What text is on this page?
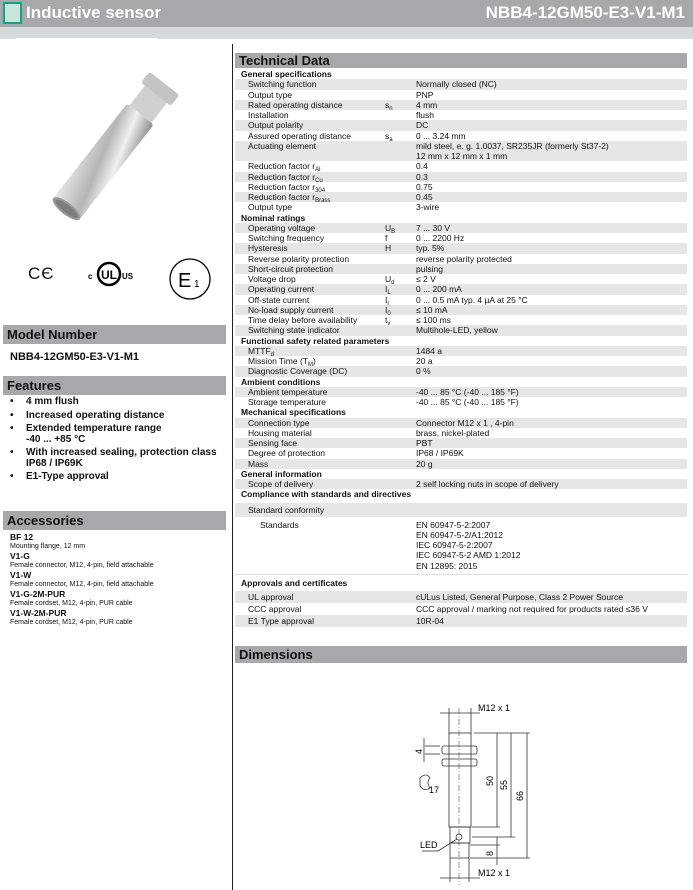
Inductive sensor	NBB4-12GM50-E3-V1-M1
CЄ	c UL US E 1
Model Number
NBB4-12GM50-E3-V1-M1
Features
• 4 mm flush
• Increased operating distance
• Extended temperature range
-40 ... +85 °C
• With increased sealing, protection class
IP68 / IP69K
• E1-Type approval
Accessories
BF 12
Mounting flange, 12 mm
V1-G
Female connector, M12, 4-pin, field attachable
V1-W
Female connector, M12, 4-pin, field attachable
V1-G-2M-PUR
Female cordset, M12, 4-pin, PUR cable
V1-W-2M-PUR
Female cordset, M12, 4-pin, PUR cable
Technical Data
General specifications
Switching function	Normally closed (NC)
Output type	PNP
Rated operating distance	$s_n$	4 mm
Installation	flush
Output polarity	DC
Assured operating distance	$s_a$	0 ... 3.24 mm
Actuating element	mild steel, e. g. 1.0037, SR235JR (formerly St37-2)
12 mm x 12 mm x 1 mm
Reduction factor $r_{Al}$	0.4
Reduction factor $r_{Cu}$	0.3
Reduction factor $r_{304}$	0.75
Reduction factor $r_{Brass}$	0.45
Output type	3-wire
Nominal ratings
Operating voltage	$U_B$	7 ... 30 V
Switching frequency	f	0 ... 2200 Hz
Hysteresis	H	typ. 5%
Reverse polarity protection	reverse polarity protected
Short-circuit protection	pulsing
Voltage drop	$U_d$	≤ 2 V
Operating current	$I_L$	0 ... 200 mA
Off-state current	$I_r$	0 ... 0.5 mA typ. 4 µA at 25 °C
No-load supply current	$I_0$	≤ 10 mA
Time delay before availability	$t_v$	≤ 100 ms
Switching state indicator	Multihole-LED, yellow
Functional safety related parameters
$MTTF_d$	1484 a
Mission Time $(T_M)$	20 a
Diagnostic Coverage (DC)	0 %
Ambient conditions
Ambient temperature	-40 ... 85 °C (-40 ... 185 °F)
Storage temperature	-40 ... 85 °C (-40 ... 185 °F)
Mechanical specifications
Connection type	Connector M12 x 1 , 4-pin
Housing material	brass, nickel-plated
Sensing face	PBT
Degree of protection	IP68 / IP69K
Mass	20 g
General information
Scope of delivery	2 self locking nuts in scope of delivery
Compliance with standards and directives
Standard conformity
Standards	EN 60947-5-2:2007
EN 60947-5-2/A1:2012
IEC 60947-5-2:2007
IEC 60947-5-2 AMD 1:2012
EN 12895: 2015
Approvals and certificates
UL approval	cULus Listed, General Purpose, Class 2 Power Source
CCC approval	CCC approval / marking not required for products rated ≤36 V
E1 Type approval	10R-04
Dimensions
M12 x 1
M12 x 1
4
17
50 55
66
8
LED
